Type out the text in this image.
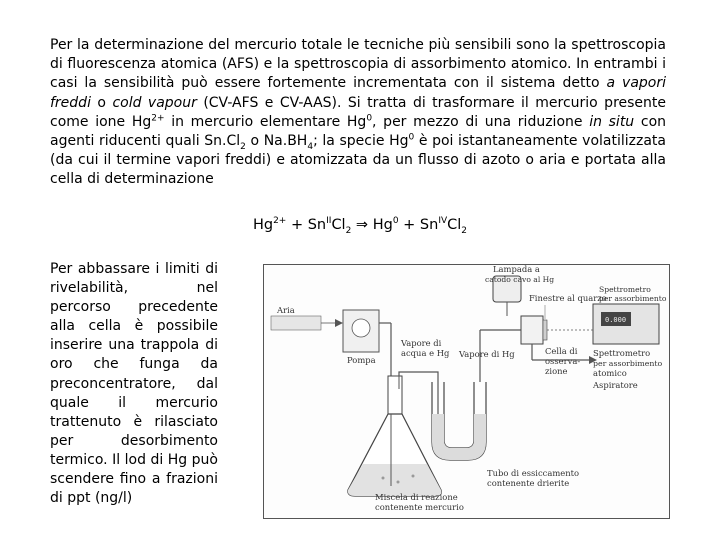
Per la determinazione del mercurio totale le tecniche più sensibili sono la spettroscopia di fluorescenza atomica (AFS) e la spettroscopia di assorbimento atomico. In entrambi i casi la sensibilità può essere fortemente incrementata con il sistema detto a vapori freddi o cold vapour (CV-AFS e CV-AAS). Si tratta di trasformare il mercurio presente come ione $Hg^{2+}$ in mercurio elementare Hg$^0$, per mezzo di una riduzione in situ con agenti riducenti quali $Sn.Cl_2$ o $Na.BH_4$; la specie Hg$^0$ è poi istantaneamente volatilizzata (da cui il termine vapori freddi) e atomizzata da un flusso di azoto o aria e portata alla cella di determinazione
$Hg^{2+} + Sn^{II}Cl_2$ ⇒ $Hg^0 + Sn^{IV}Cl_2$
Per abbassare i limiti di rivelabilità, nel percorso precedente alla cella è possibile inserire una trappola di oro che funga da preconcentratore, dal quale il mercurio trattenuto è rilasciato per desorbimento termico. Il lod di Hg può scendere fino a frazioni di ppt (ng/l)
0.000
Lampada a
catodo cavo al Hg
Finestre al quarzo
Aria
Pompa
Vapore di
acqua e Hg Vapore di Hg	Cella di
osserva-
zione
Spettrometro
per assorbimento
Spettrometro
per assorbimento
atomico
Aspiratore
Miscela di reazione
contenente mercurio
Tubo di essiccamento
contenente drierite
